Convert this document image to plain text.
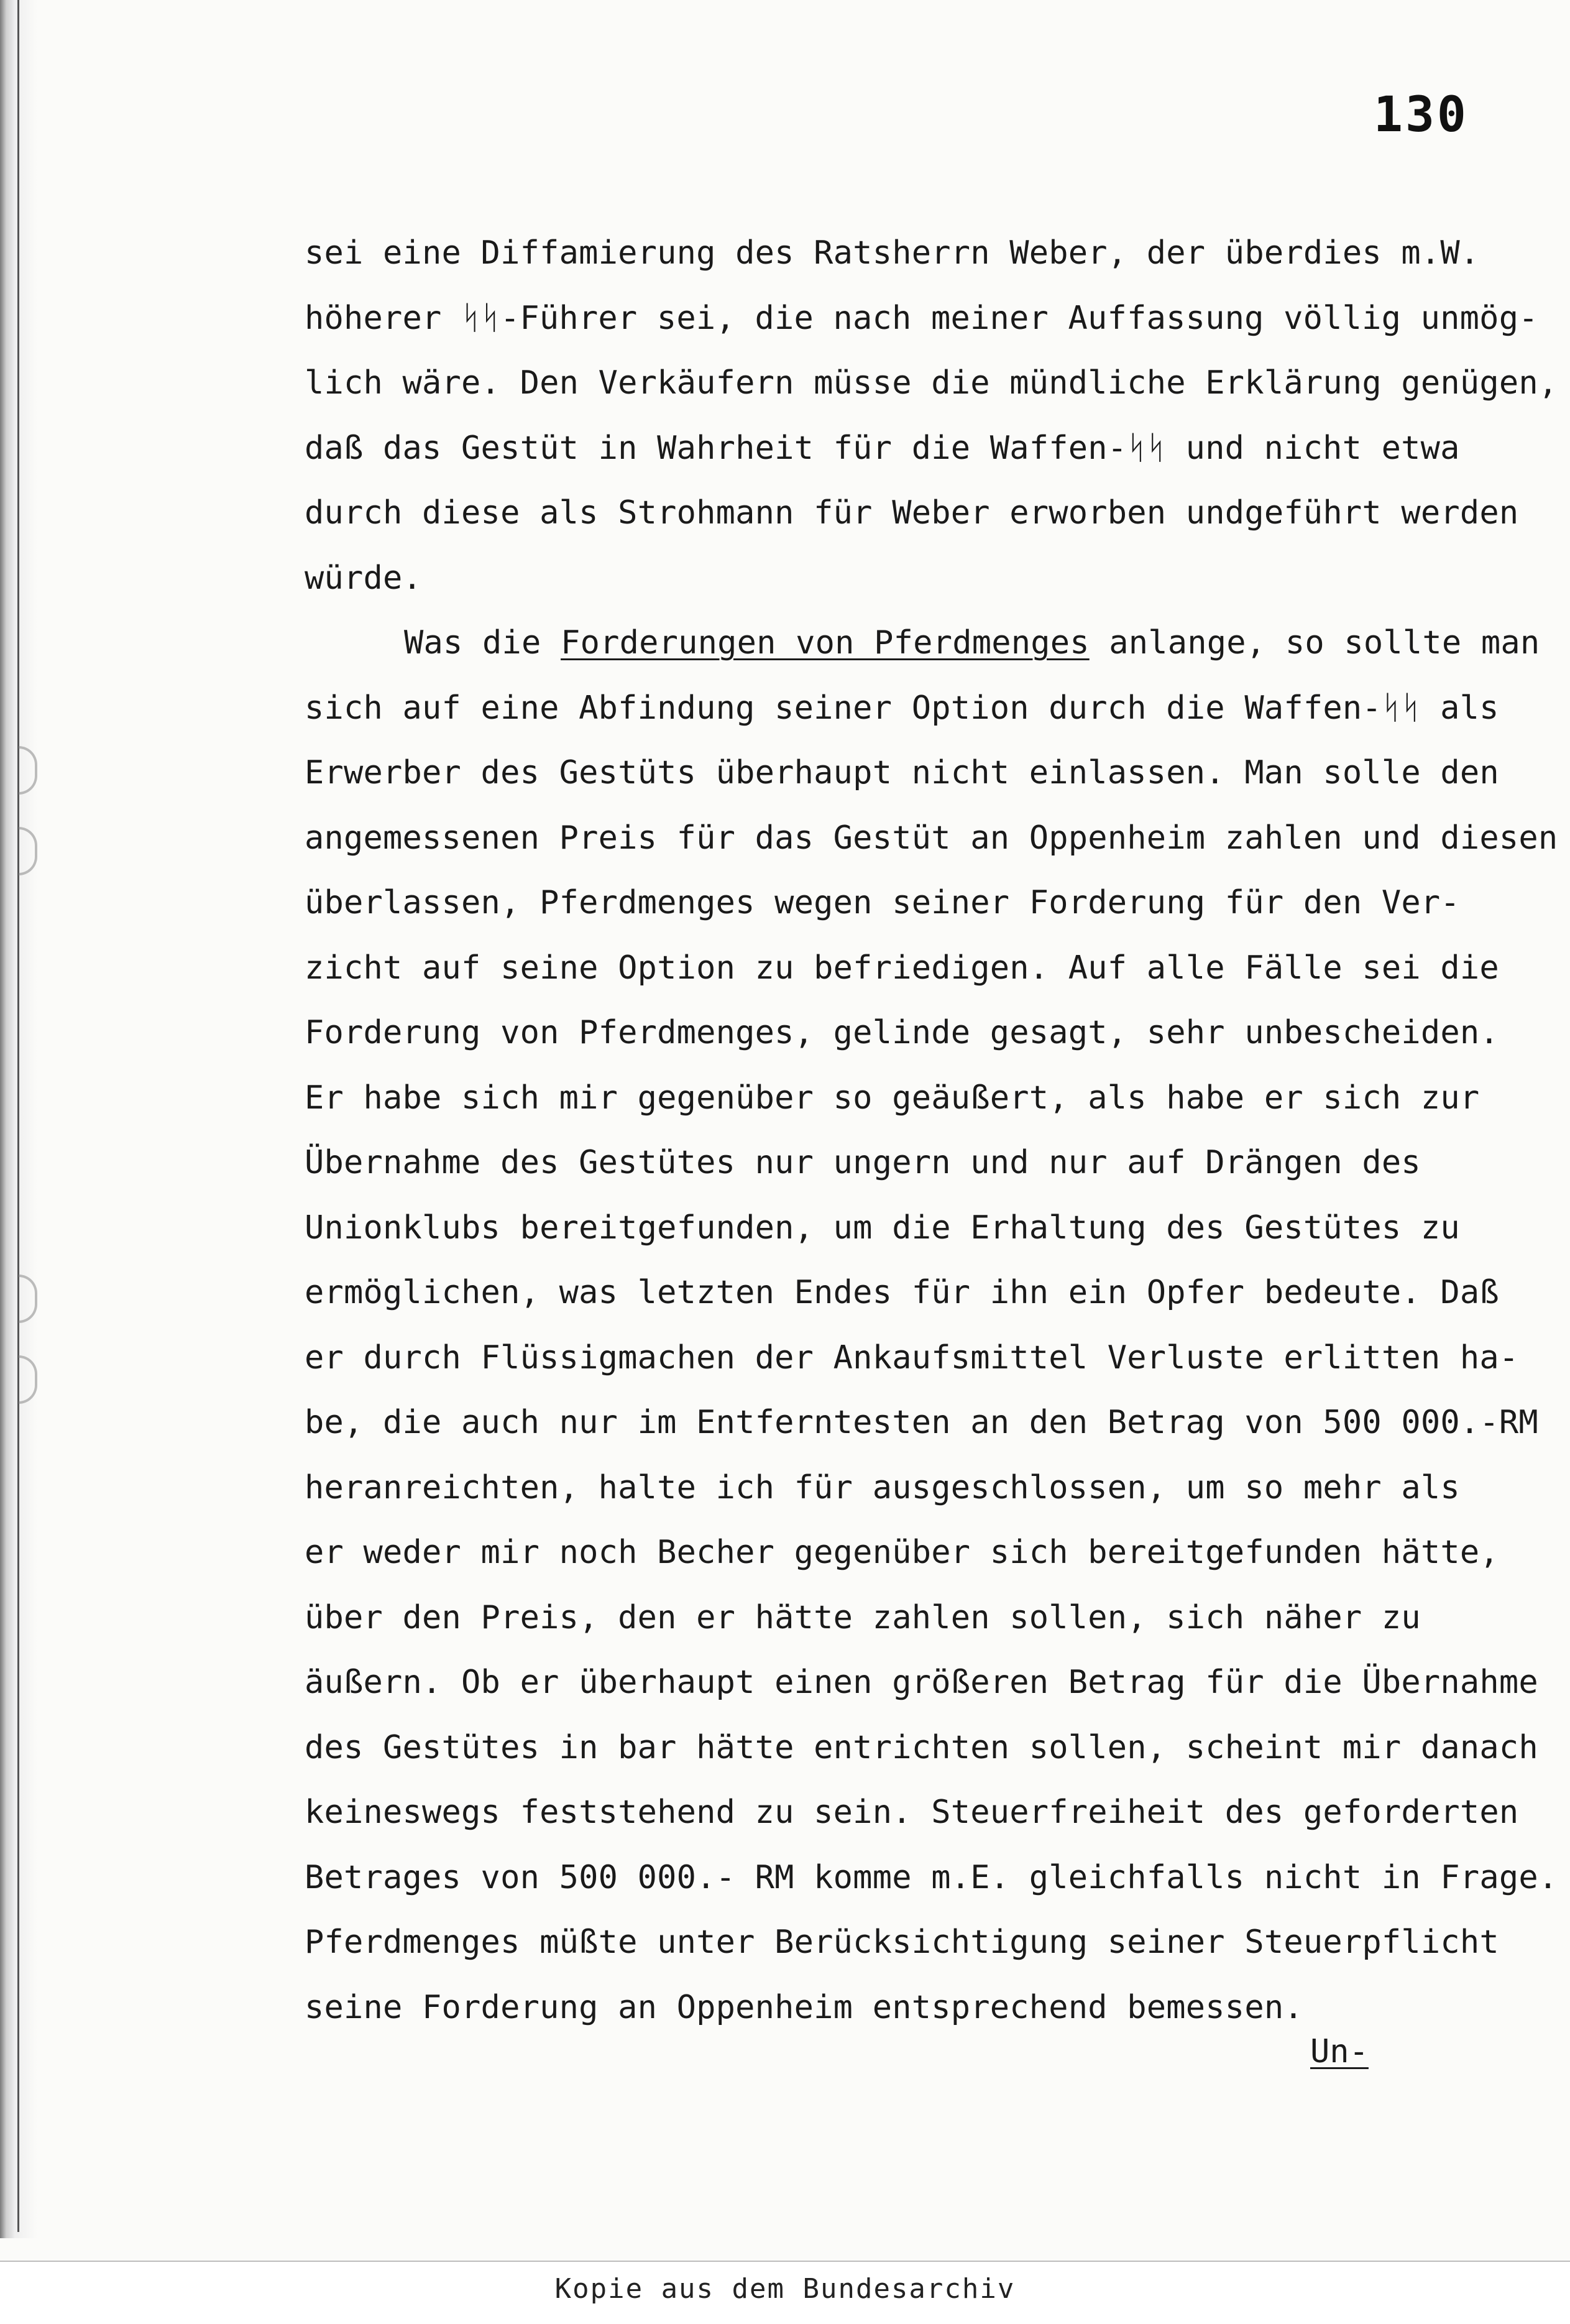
130

sei eine Diffamierung des Ratsherrn Weber, der überdies m.W.
höherer ᛋᛋ-Führer sei, die nach meiner Auffassung völlig unmög-
lich wäre. Den Verkäufern müsse die mündliche Erklärung genügen,
daß das Gestüt in Wahrheit für die Waffen-ᛋᛋ und nicht etwa
durch diese als Strohmann für Weber erworben undgeführt werden
würde.
Was die Forderungen von Pferdmenges anlange, so sollte man
sich auf eine Abfindung seiner Option durch die Waffen-ᛋᛋ als
Erwerber des Gestüts überhaupt nicht einlassen. Man solle den
angemessenen Preis für das Gestüt an Oppenheim zahlen und diesen
überlassen, Pferdmenges wegen seiner Forderung für den Ver-
zicht auf seine Option zu befriedigen. Auf alle Fälle sei die
Forderung von Pferdmenges, gelinde gesagt, sehr unbescheiden.
Er habe sich mir gegenüber so geäußert, als habe er sich zur
Übernahme des Gestütes nur ungern und nur auf Drängen des
Unionklubs bereitgefunden, um die Erhaltung des Gestütes zu
ermöglichen, was letzten Endes für ihn ein Opfer bedeute. Daß
er durch Flüssigmachen der Ankaufsmittel Verluste erlitten ha-
be, die auch nur im Entferntesten an den Betrag von 500 000.-RM
heranreichten, halte ich für ausgeschlossen, um so mehr als
er weder mir noch Becher gegenüber sich bereitgefunden hätte,
über den Preis, den er hätte zahlen sollen, sich näher zu
äußern. Ob er überhaupt einen größeren Betrag für die Übernahme
des Gestütes in bar hätte entrichten sollen, scheint mir danach
keineswegs feststehend zu sein. Steuerfreiheit des geforderten
Betrages von 500 000.- RM komme m.E. gleichfalls nicht in Frage.
Pferdmenges müßte unter Berücksichtigung seiner Steuerpflicht
seine Forderung an Oppenheim entsprechend bemessen.

Un-

Kopie aus dem Bundesarchiv
